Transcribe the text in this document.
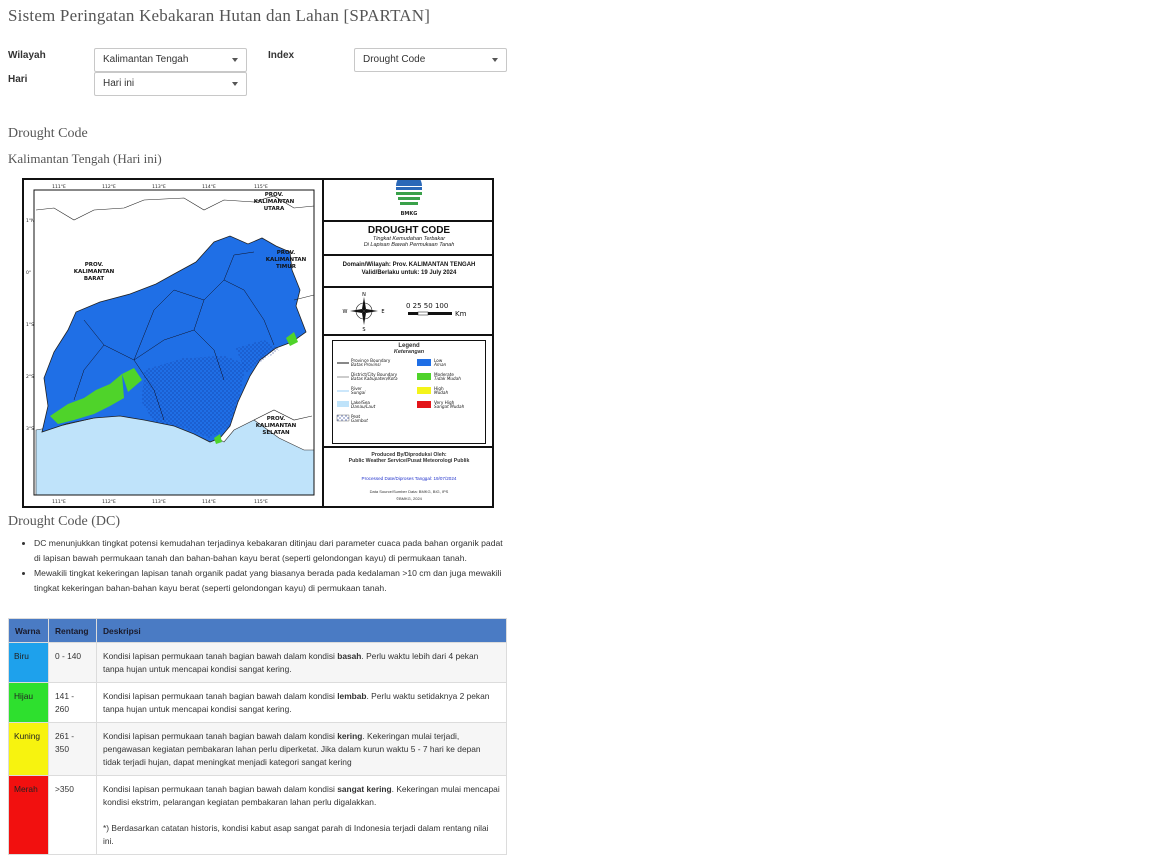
Sistem Peringatan Kebakaran Hutan dan Lahan [SPARTAN]
Wilayah	Kalimantan Tengah
Hari	Hari ini
Index	Drought Code
Drought Code
Kalimantan Tengah (Hari ini)
PROV.
KALIMANTAN
BARAT
PROV.
KALIMANTAN
TIMUR
PROV.
KALIMANTAN
SELATAN
PROV.
KALIMANTAN
UTARA
111°E	112°E	113°E	114°E	115°E
111°E	112°E	113°E	114°E	115°E
1°N
0°
1°S
2°S
3°S
BMKG
DROUGHT CODE
Tingkat Kemudahan Terbakar
Di Lapisan Bawah Permukaan Tanah
Domain/Wilayah: Prov. KALIMANTAN TENGAH
Valid/Berlaku untuk: 19 July 2024
N
S
W	E
0 25 50 100
Km
Legend
Keterangan
Province Boundary
Batas Provinsi
District/City Boundary
Batas Kabupaten/Kota
River
Sungai
Lake/Sea
Danau/Laut
Peat
Gambut
Low
Aman
Moderate
Tidak Mudah
High
Mudah
Very High
Sangat Mudah
Produced By/Diproduksi Oleh:
Public Weather Service/Pusat Meteorologi Publik
Processed Date/Diproses Tanggal: 19/07/2024
Data Source/Sumber Data: BMKG, BIG, IPS
©BMKG, 2024
Drought Code (DC)
• DC menunjukkan tingkat potensi kemudahan terjadinya kebakaran ditinjau dari parameter cuaca pada bahan organik padat di lapisan bawah permukaan tanah dan bahan-bahan kayu berat (seperti gelondongan kayu) di permukaan tanah.
• Mewakili tingkat kekeringan lapisan tanah organik padat yang biasanya berada pada kedalaman >10 cm dan juga mewakili tingkat kekeringan bahan-bahan kayu berat (seperti gelondongan kayu) di permukaan tanah.
Warna	Rentang	Deskripsi
Biru	0 - 140	Kondisi lapisan permukaan tanah bagian bawah dalam kondisi basah. Perlu waktu lebih dari 4 pekan tanpa hujan untuk mencapai kondisi sangat kering.
Hijau	141 - 260	Kondisi lapisan permukaan tanah bagian bawah dalam kondisi lembab. Perlu waktu setidaknya 2 pekan tanpa hujan untuk mencapai kondisi sangat kering.
Kuning	261 - 350	Kondisi lapisan permukaan tanah bagian bawah dalam kondisi kering. Kekeringan mulai terjadi, pengawasan kegiatan pembakaran lahan perlu diperketat. Jika dalam kurun waktu 5 - 7 hari ke depan tidak terjadi hujan, dapat meningkat menjadi kategori sangat kering
Merah	>350	Kondisi lapisan permukaan tanah bagian bawah dalam kondisi sangat kering. Kekeringan mulai mencapai kondisi ekstrim, pelarangan kegiatan pembakaran lahan perlu digalakkan.

*) Berdasarkan catatan historis, kondisi kabut asap sangat parah di Indonesia terjadi dalam rentang nilai ini.
